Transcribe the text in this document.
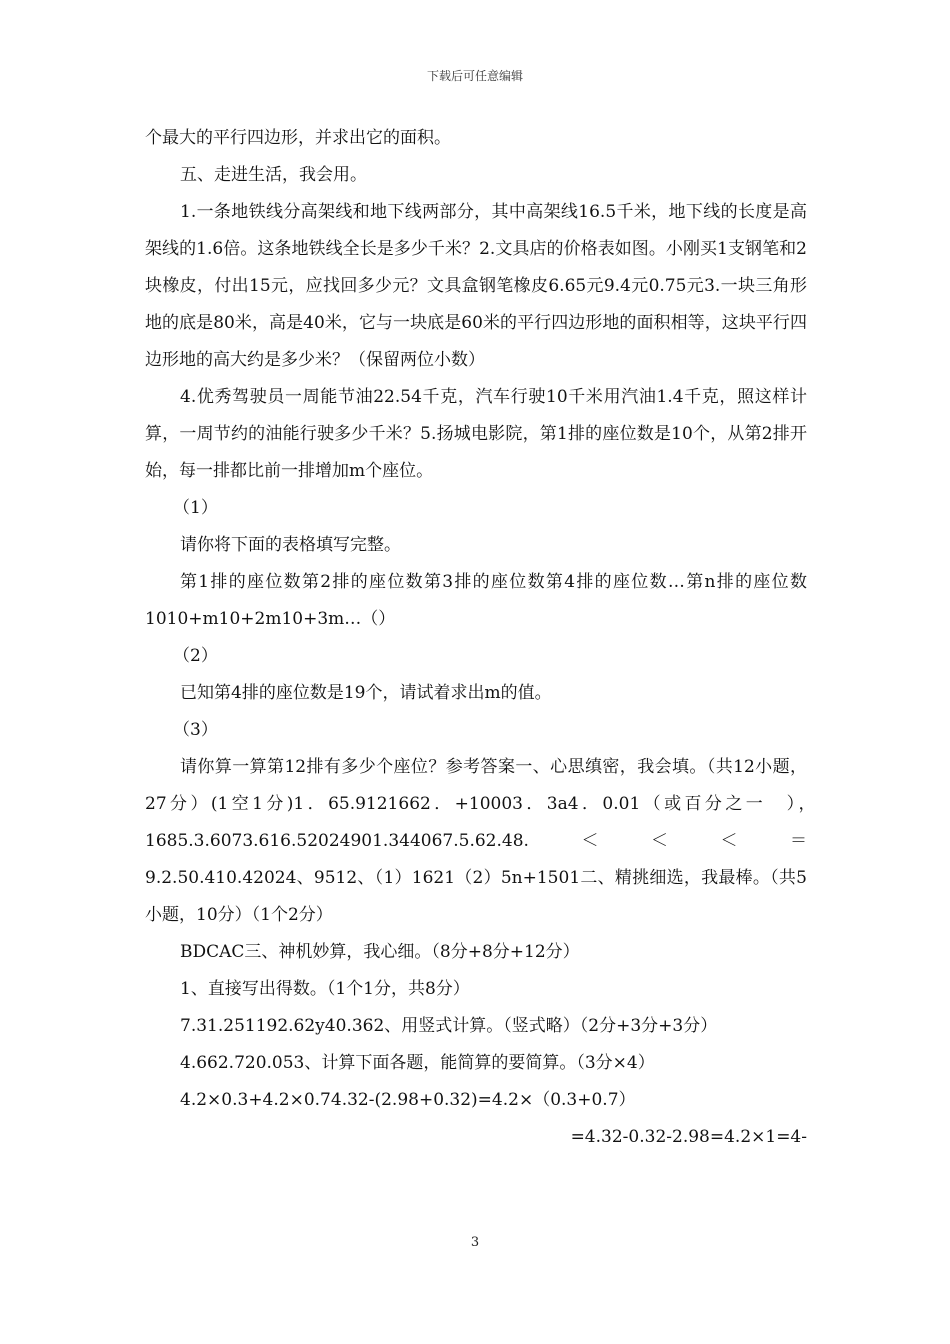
下载后可任意编辑

个最大的平行四边形，并求出它的面积。

五、走进生活，我会用。

1.一条地铁线分高架线和地下线两部分，其中高架线16.5千米，地下线的长度是高架线的1.6倍。这条地铁线全长是多少千米？2.文具店的价格表如图。小刚买1支钢笔和2块橡皮，付出15元，应找回多少元？文具盒钢笔橡皮6.65元9.4元0.75元3.一块三角形地的底是80米，高是40米，它与一块底是60米的平行四边形地的面积相等，这块平行四边形地的高大约是多少米？（保留两位小数）

4.优秀驾驶员一周能节油22.54千克，汽车行驶10千米用汽油1.4千克，照这样计算，一周节约的油能行驶多少千米？5.扬城电影院，第1排的座位数是10个，从第2排开始，每一排都比前一排增加m个座位。

（1）

请你将下面的表格填写完整。

第1排的座位数第2排的座位数第3排的座位数第4排的座位数…第n排的座位数1010+m10+2m10+3m…（）

（2）

已知第4排的座位数是19个，请试着求出m的值。

（3）

请你算一算第12排有多少个座位？参考答案一、心思缜密，我会填。（共12小题，27分）(1空1分)1．65.9121662．+10003．3a4．0.01（或百分之一　），　1685.3.6073.616.52024901.344067.5.62.48.　＜　＜　＜　＝　9.2.50.410.42024、9512、（1）1621（2）5n+1501二、精挑细选，我最棒。（共5小题，10分）（1个2分）

BDCAC三、神机妙算，我心细。（8分+8分+12分）

1、直接写出得数。（1个1分，共8分）

7.31.251192.62y40.362、用竖式计算。（竖式略）（2分+3分+3分）

4.662.720.053、计算下面各题，能简算的要简算。（3分×4）

4.2×0.3+4.2×0.74.32-(2.98+0.32)=4.2×（0.3+0.7）

=4.32-0.32-2.98=4.2×1=4-

3
